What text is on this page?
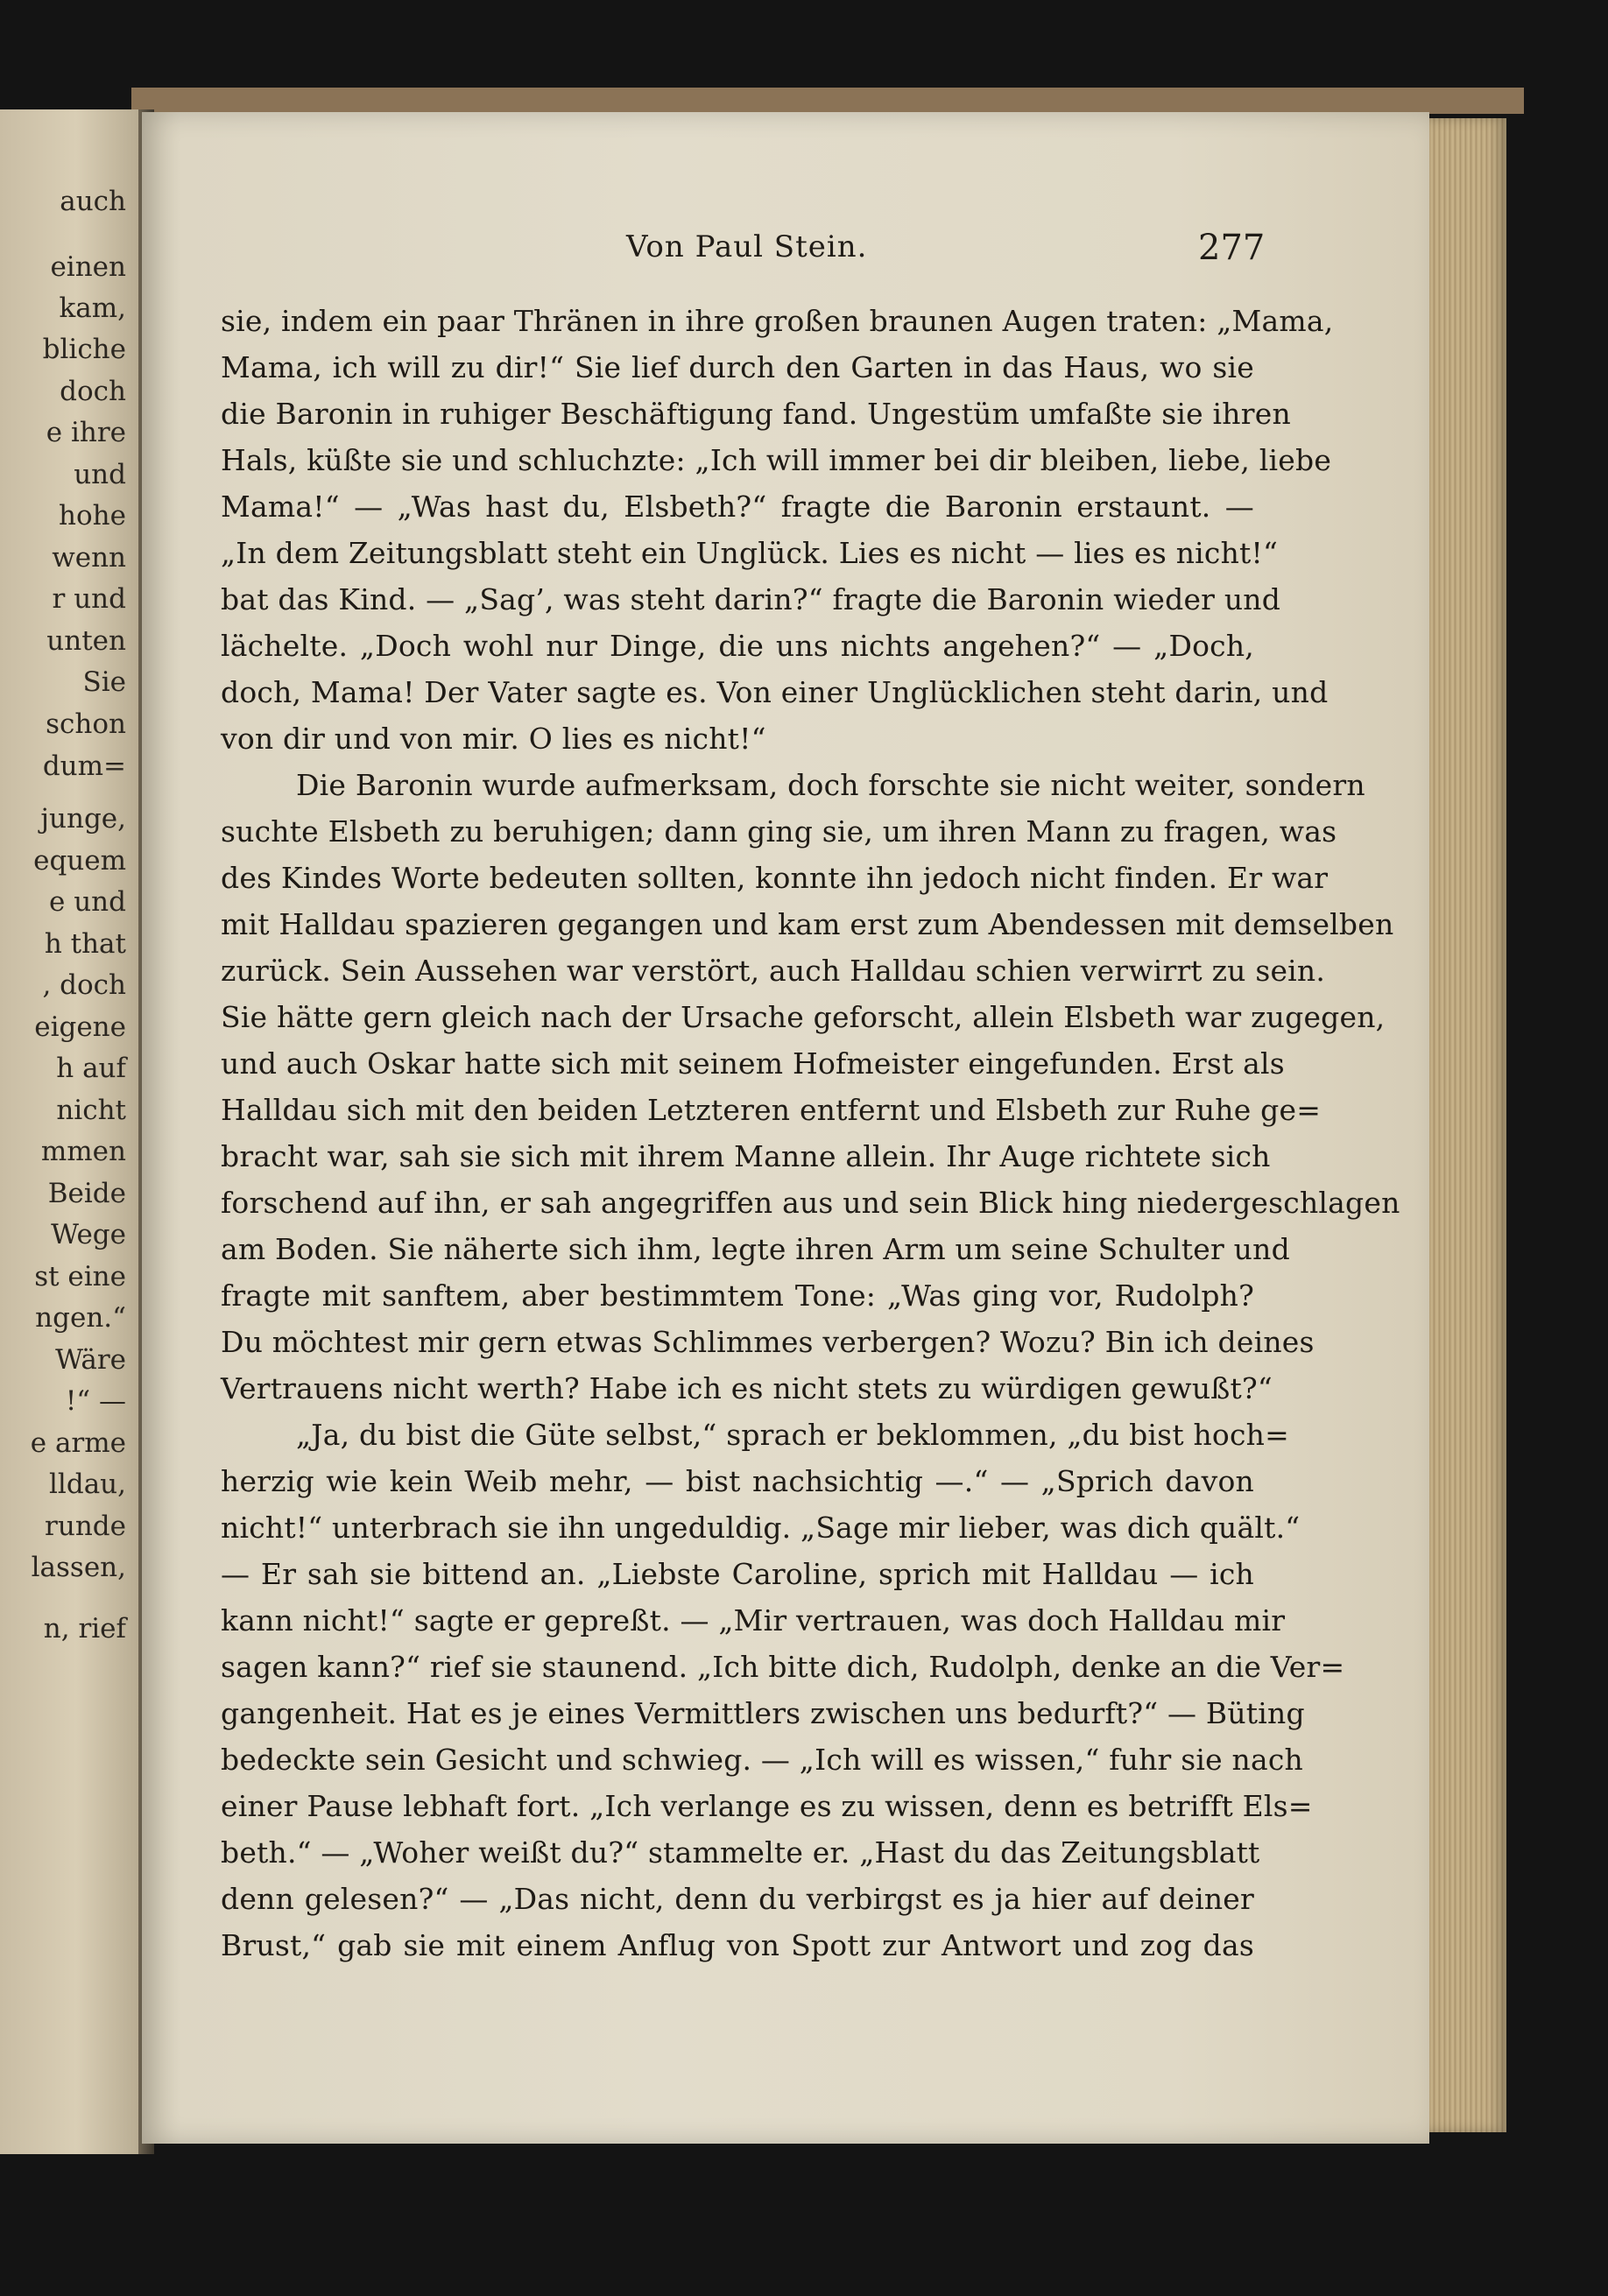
auch
einen
kam,
bliche
doch
e ihre
und
hohe
wenn
r und
unten
Sie
schon
dum=
junge,
equem
e und
h that
, doch
eigene
h auf
nicht
mmen
Beide
Wege
st eine
ngen.“
Wäre
!“ —
e arme
lldau,
runde
lassen,
n, rief
Von Paul Stein.	277
sie, indem ein paar Thränen in ihre großen braunen Augen traten: „Mama,
Mama, ich will zu dir!“ Sie lief durch den Garten in das Haus, wo sie
die Baronin in ruhiger Beschäftigung fand. Ungestüm umfaßte sie ihren
Hals, küßte sie und schluchzte: „Ich will immer bei dir bleiben, liebe, liebe
Mama!“ — „Was hast du, Elsbeth?“ fragte die Baronin erstaunt. —
„In dem Zeitungsblatt steht ein Unglück. Lies es nicht — lies es nicht!“
bat das Kind. — „Sag’, was steht darin?“ fragte die Baronin wieder und
lächelte. „Doch wohl nur Dinge, die uns nichts angehen?“ — „Doch,
doch, Mama! Der Vater sagte es. Von einer Unglücklichen steht darin, und
von dir und von mir. O lies es nicht!“
Die Baronin wurde aufmerksam, doch forschte sie nicht weiter, sondern
suchte Elsbeth zu beruhigen; dann ging sie, um ihren Mann zu fragen, was
des Kindes Worte bedeuten sollten, konnte ihn jedoch nicht finden. Er war
mit Halldau spazieren gegangen und kam erst zum Abendessen mit demselben
zurück. Sein Aussehen war verstört, auch Halldau schien verwirrt zu sein.
Sie hätte gern gleich nach der Ursache geforscht, allein Elsbeth war zugegen,
und auch Oskar hatte sich mit seinem Hofmeister eingefunden. Erst als
Halldau sich mit den beiden Letzteren entfernt und Elsbeth zur Ruhe ge=
bracht war, sah sie sich mit ihrem Manne allein. Ihr Auge richtete sich
forschend auf ihn, er sah angegriffen aus und sein Blick hing niedergeschlagen
am Boden. Sie näherte sich ihm, legte ihren Arm um seine Schulter und
fragte mit sanftem, aber bestimmtem Tone: „Was ging vor, Rudolph?
Du möchtest mir gern etwas Schlimmes verbergen? Wozu? Bin ich deines
Vertrauens nicht werth? Habe ich es nicht stets zu würdigen gewußt?“
„Ja, du bist die Güte selbst,“ sprach er beklommen, „du bist hoch=
herzig wie kein Weib mehr, — bist nachsichtig —.“ — „Sprich davon
nicht!“ unterbrach sie ihn ungeduldig. „Sage mir lieber, was dich quält.“
— Er sah sie bittend an. „Liebste Caroline, sprich mit Halldau — ich
kann nicht!“ sagte er gepreßt. — „Mir vertrauen, was doch Halldau mir
sagen kann?“ rief sie staunend. „Ich bitte dich, Rudolph, denke an die Ver=
gangenheit. Hat es je eines Vermittlers zwischen uns bedurft?“ — Büting
bedeckte sein Gesicht und schwieg. — „Ich will es wissen,“ fuhr sie nach
einer Pause lebhaft fort. „Ich verlange es zu wissen, denn es betrifft Els=
beth.“ — „Woher weißt du?“ stammelte er. „Hast du das Zeitungsblatt
denn gelesen?“ — „Das nicht, denn du verbirgst es ja hier auf deiner
Brust,“ gab sie mit einem Anflug von Spott zur Antwort und zog das
